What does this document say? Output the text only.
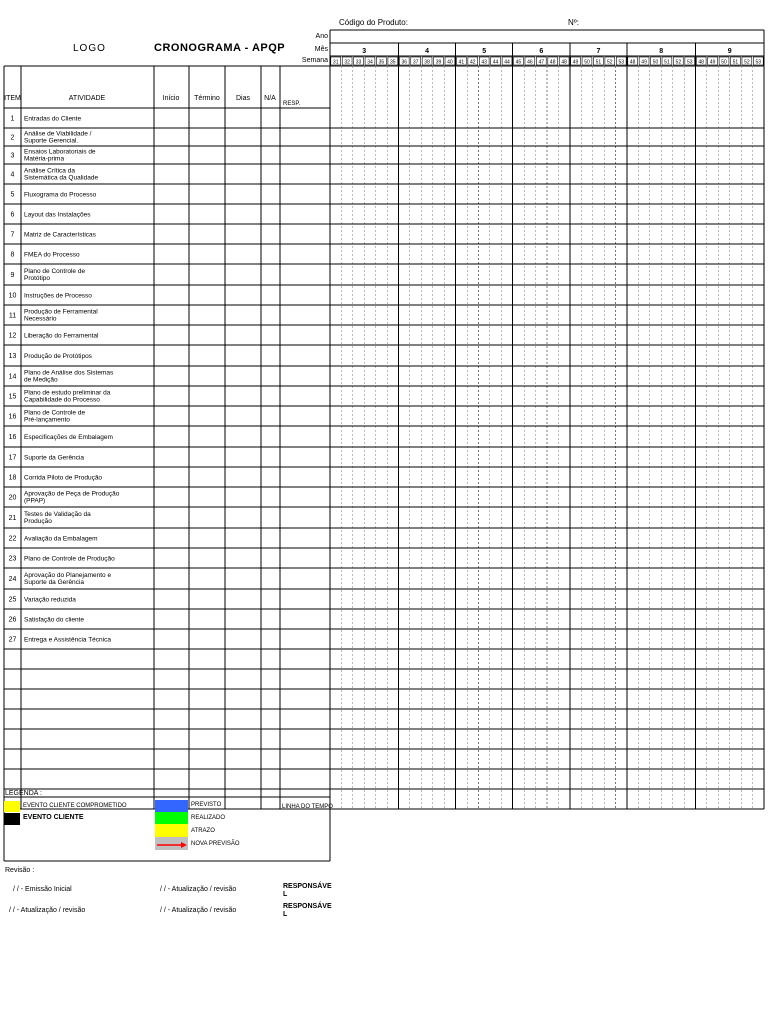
Código do Produto:	Nº:
LOGO	CRONOGRAMA - APQP
Ano
Mês
Semana
3	4	5	6	7	8	9
31 32 33 34 35 35 36 37 38 39 40 41 42 43 44 44 45 46 47 48 48 49 50 51 52 53 48 49 50 51 52 53 48 49 50 51 52 53
ITEM	ATIVIDADE	Início Término Dias N/A
RESP.
1 Entradas do Cliente
2
Análise de Viabilidade /
Suporte Gerencial.
3
Ensaios Laboratoriais de
Matéria-prima
4
Análise Crítica da
Sistemática da Qualidade
5 Fluxograma do Processo
6 Layout das Instalações
7 Matriz de Características
8 FMEA do Processo
9
Plano de Controle de
Protótipo
10 Instruções de Processo
11
Produção de Ferramental
Necessário
12 Liberação do Ferramental
13 Produção de Protótipos
14
Plano de Análise dos Sistemas
de Medição
15
Plano de estudo preliminar da
Capabilidade do Processo
16
Plano de Controle de
Pré-lançamento
16 Especificações de Embalagem
17 Suporte da Gerência
18 Corrida Piloto de Produção
20
Aprovação de Peça de Produção
(PPAP)
21
Testes de Validação da
Produção
22 Avaliação da Embalagem
23 Plano de Controle de Produção
24
Aprovação do Planejamento e
Suporte da Gerência
25 Variação reduzida
26 Satisfação do cliente
27 Entrega e Assistência Técnica
LEGENDA :
EVENTO CLIENTE COMPROMETIDO
EVENTO CLIENTE
PREVISTO
REALIZADO
ATRAZO
NOVA PREVISÃO
LINHA DO TEMPO
Revisão :
/ / - Emissão Inicial	/ / - Atualização / revisão	RESPONSÁVEL
/ / - Atualização / revisão	/ / - Atualização / revisão
RESPONSÁVEL
